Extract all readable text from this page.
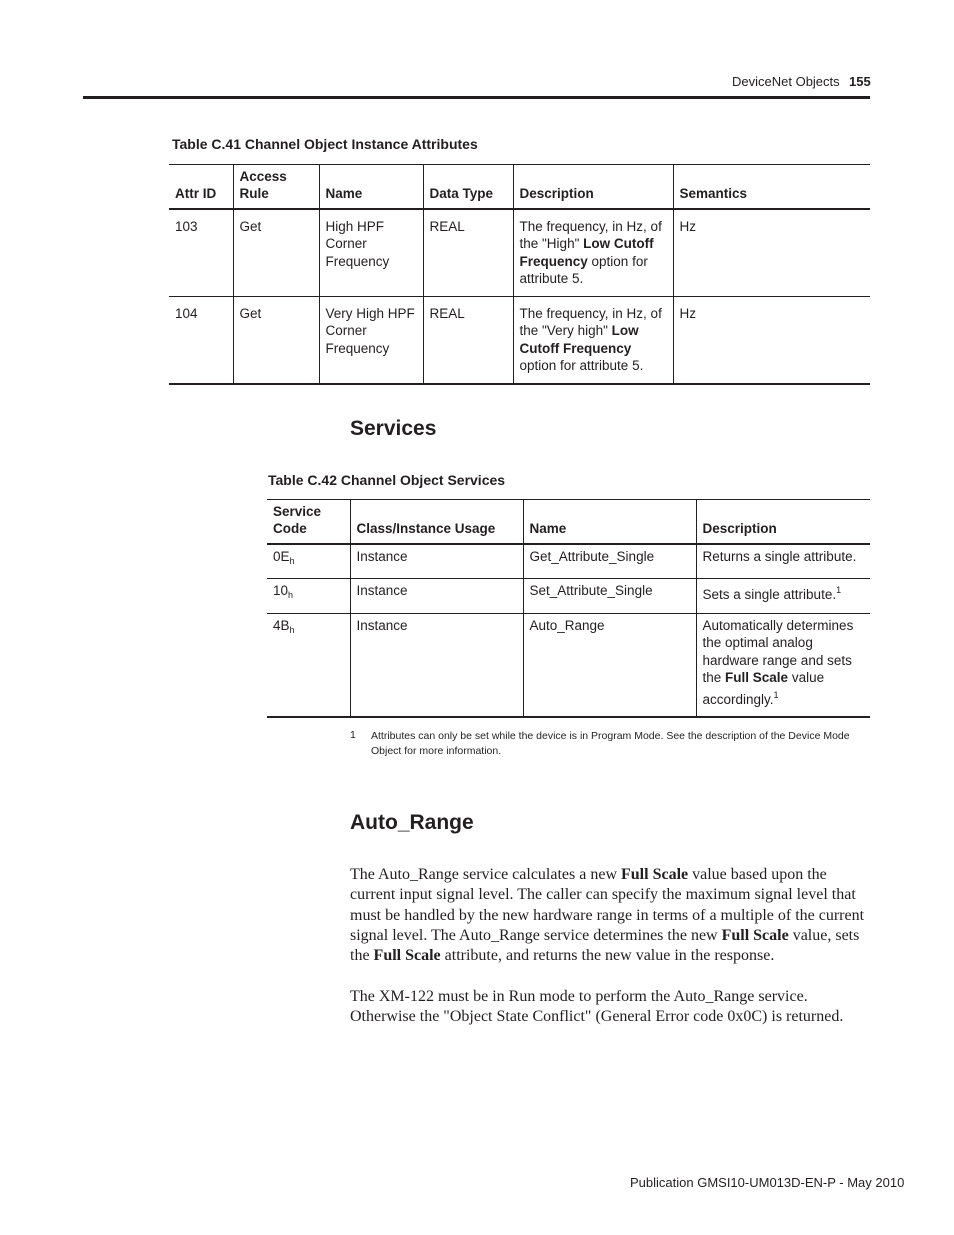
DeviceNet Objects 155
Table C.41 Channel Object Instance Attributes
Attr ID	Access Rule	Name	Data Type	Description	Semantics
103	Get	High HPF Corner Frequency	REAL	The frequency, in Hz, of the "High" Low Cutoff Frequency option for attribute 5.	Hz
104	Get	Very High HPF Corner Frequency	REAL	The frequency, in Hz, of the "Very high" Low Cutoff Frequency option for attribute 5.	Hz
Services
Table C.42 Channel Object Services
Service Code	Class/Instance Usage	Name	Description
$0E_h$	Instance	Get_Attribute_Single	Returns a single attribute.
$10_h$	Instance	Set_Attribute_Single	Sets a single attribute.$^1$
$4B_h$	Instance	Auto_Range	Automatically determines the optimal analog hardware range and sets the Full Scale value accordingly.$^1$
1 Attributes can only be set while the device is in Program Mode. See the description of the Device Mode Object for more information.
Auto_Range
The Auto_Range service calculates a new Full Scale value based upon the current input signal level. The caller can specify the maximum signal level that must be handled by the new hardware range in terms of a multiple of the current signal level. The Auto_Range service determines the new Full Scale value, sets the Full Scale attribute, and returns the new value in the response.
The XM-122 must be in Run mode to perform the Auto_Range service. Otherwise the "Object State Conflict" (General Error code 0x0C) is returned.
Publication GMSI10-UM013D-EN-P - May 2010
